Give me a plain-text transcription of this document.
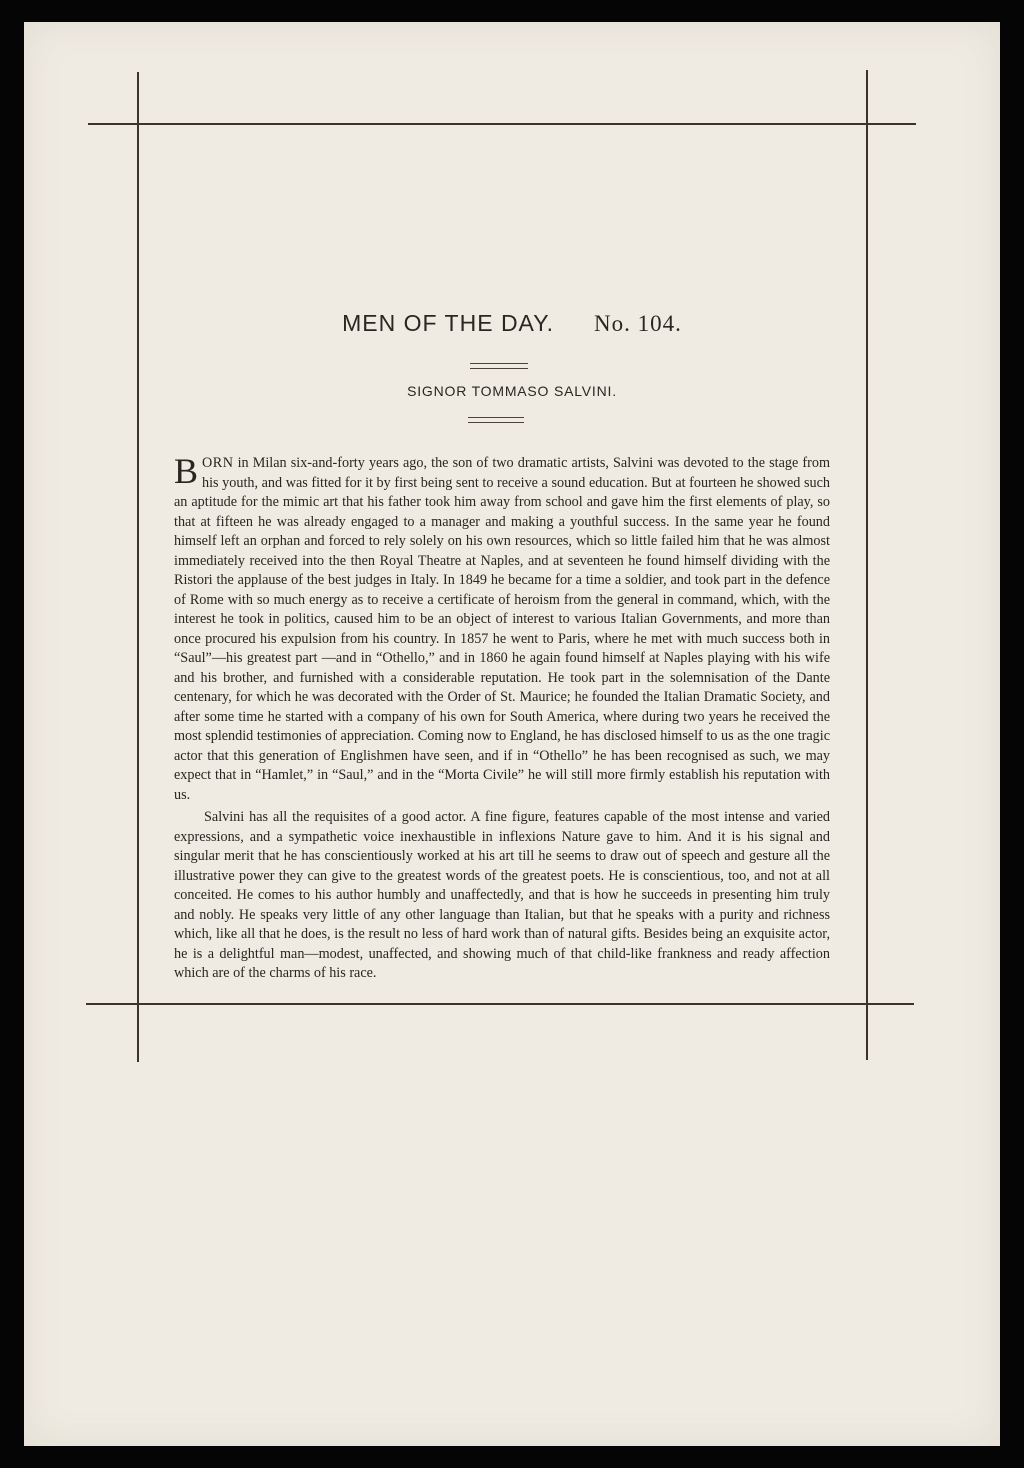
MEN OF THE DAY. No. 104.
SIGNOR TOMMASO SALVINI.

BORN in Milan six-and-forty years ago, the son of two dramatic artists, Salvini was devoted to the stage from his youth, and was fitted for it by first being sent to receive a sound education. But at fourteen he showed such an aptitude for the mimic art that his father took him away from school and gave him the first elements of play, so that at fifteen he was already engaged to a manager and making a youthful success. In the same year he found himself left an orphan and forced to rely solely on his own resources, which so little failed him that he was almost immediately received into the then Royal Theatre at Naples, and at seventeen he found himself dividing with the Ristori the applause of the best judges in Italy. In 1849 he became for a time a soldier, and took part in the defence of Rome with so much energy as to receive a certificate of heroism from the general in command, which, with the interest he took in politics, caused him to be an object of interest to various Italian Governments, and more than once procured his expulsion from his country. In 1857 he went to Paris, where he met with much success both in “Saul”—his greatest part —and in “Othello,” and in 1860 he again found himself at Naples playing with his wife and his brother, and furnished with a considerable reputation. He took part in the solemnisation of the Dante centenary, for which he was decorated with the Order of St. Maurice; he founded the Italian Dramatic Society, and after some time he started with a company of his own for South America, where during two years he received the most splendid testimonies of appreciation. Coming now to England, he has disclosed himself to us as the one tragic actor that this generation of Englishmen have seen, and if in “Othello” he has been recognised as such, we may expect that in “Hamlet,” in “Saul,” and in the “Morta Civile” he will still more firmly establish his reputation with us.

Salvini has all the requisites of a good actor. A fine figure, features capable of the most intense and varied expressions, and a sympathetic voice inexhaustible in inflexions Nature gave to him. And it is his signal and singular merit that he has conscientiously worked at his art till he seems to draw out of speech and gesture all the illustrative power they can give to the greatest words of the greatest poets. He is conscientious, too, and not at all conceited. He comes to his author humbly and unaffectedly, and that is how he succeeds in presenting him truly and nobly. He speaks very little of any other language than Italian, but that he speaks with a purity and richness which, like all that he does, is the result no less of hard work than of natural gifts. Besides being an exquisite actor, he is a delightful man—modest, unaffected, and showing much of that child-like frankness and ready affection which are of the charms of his race.
